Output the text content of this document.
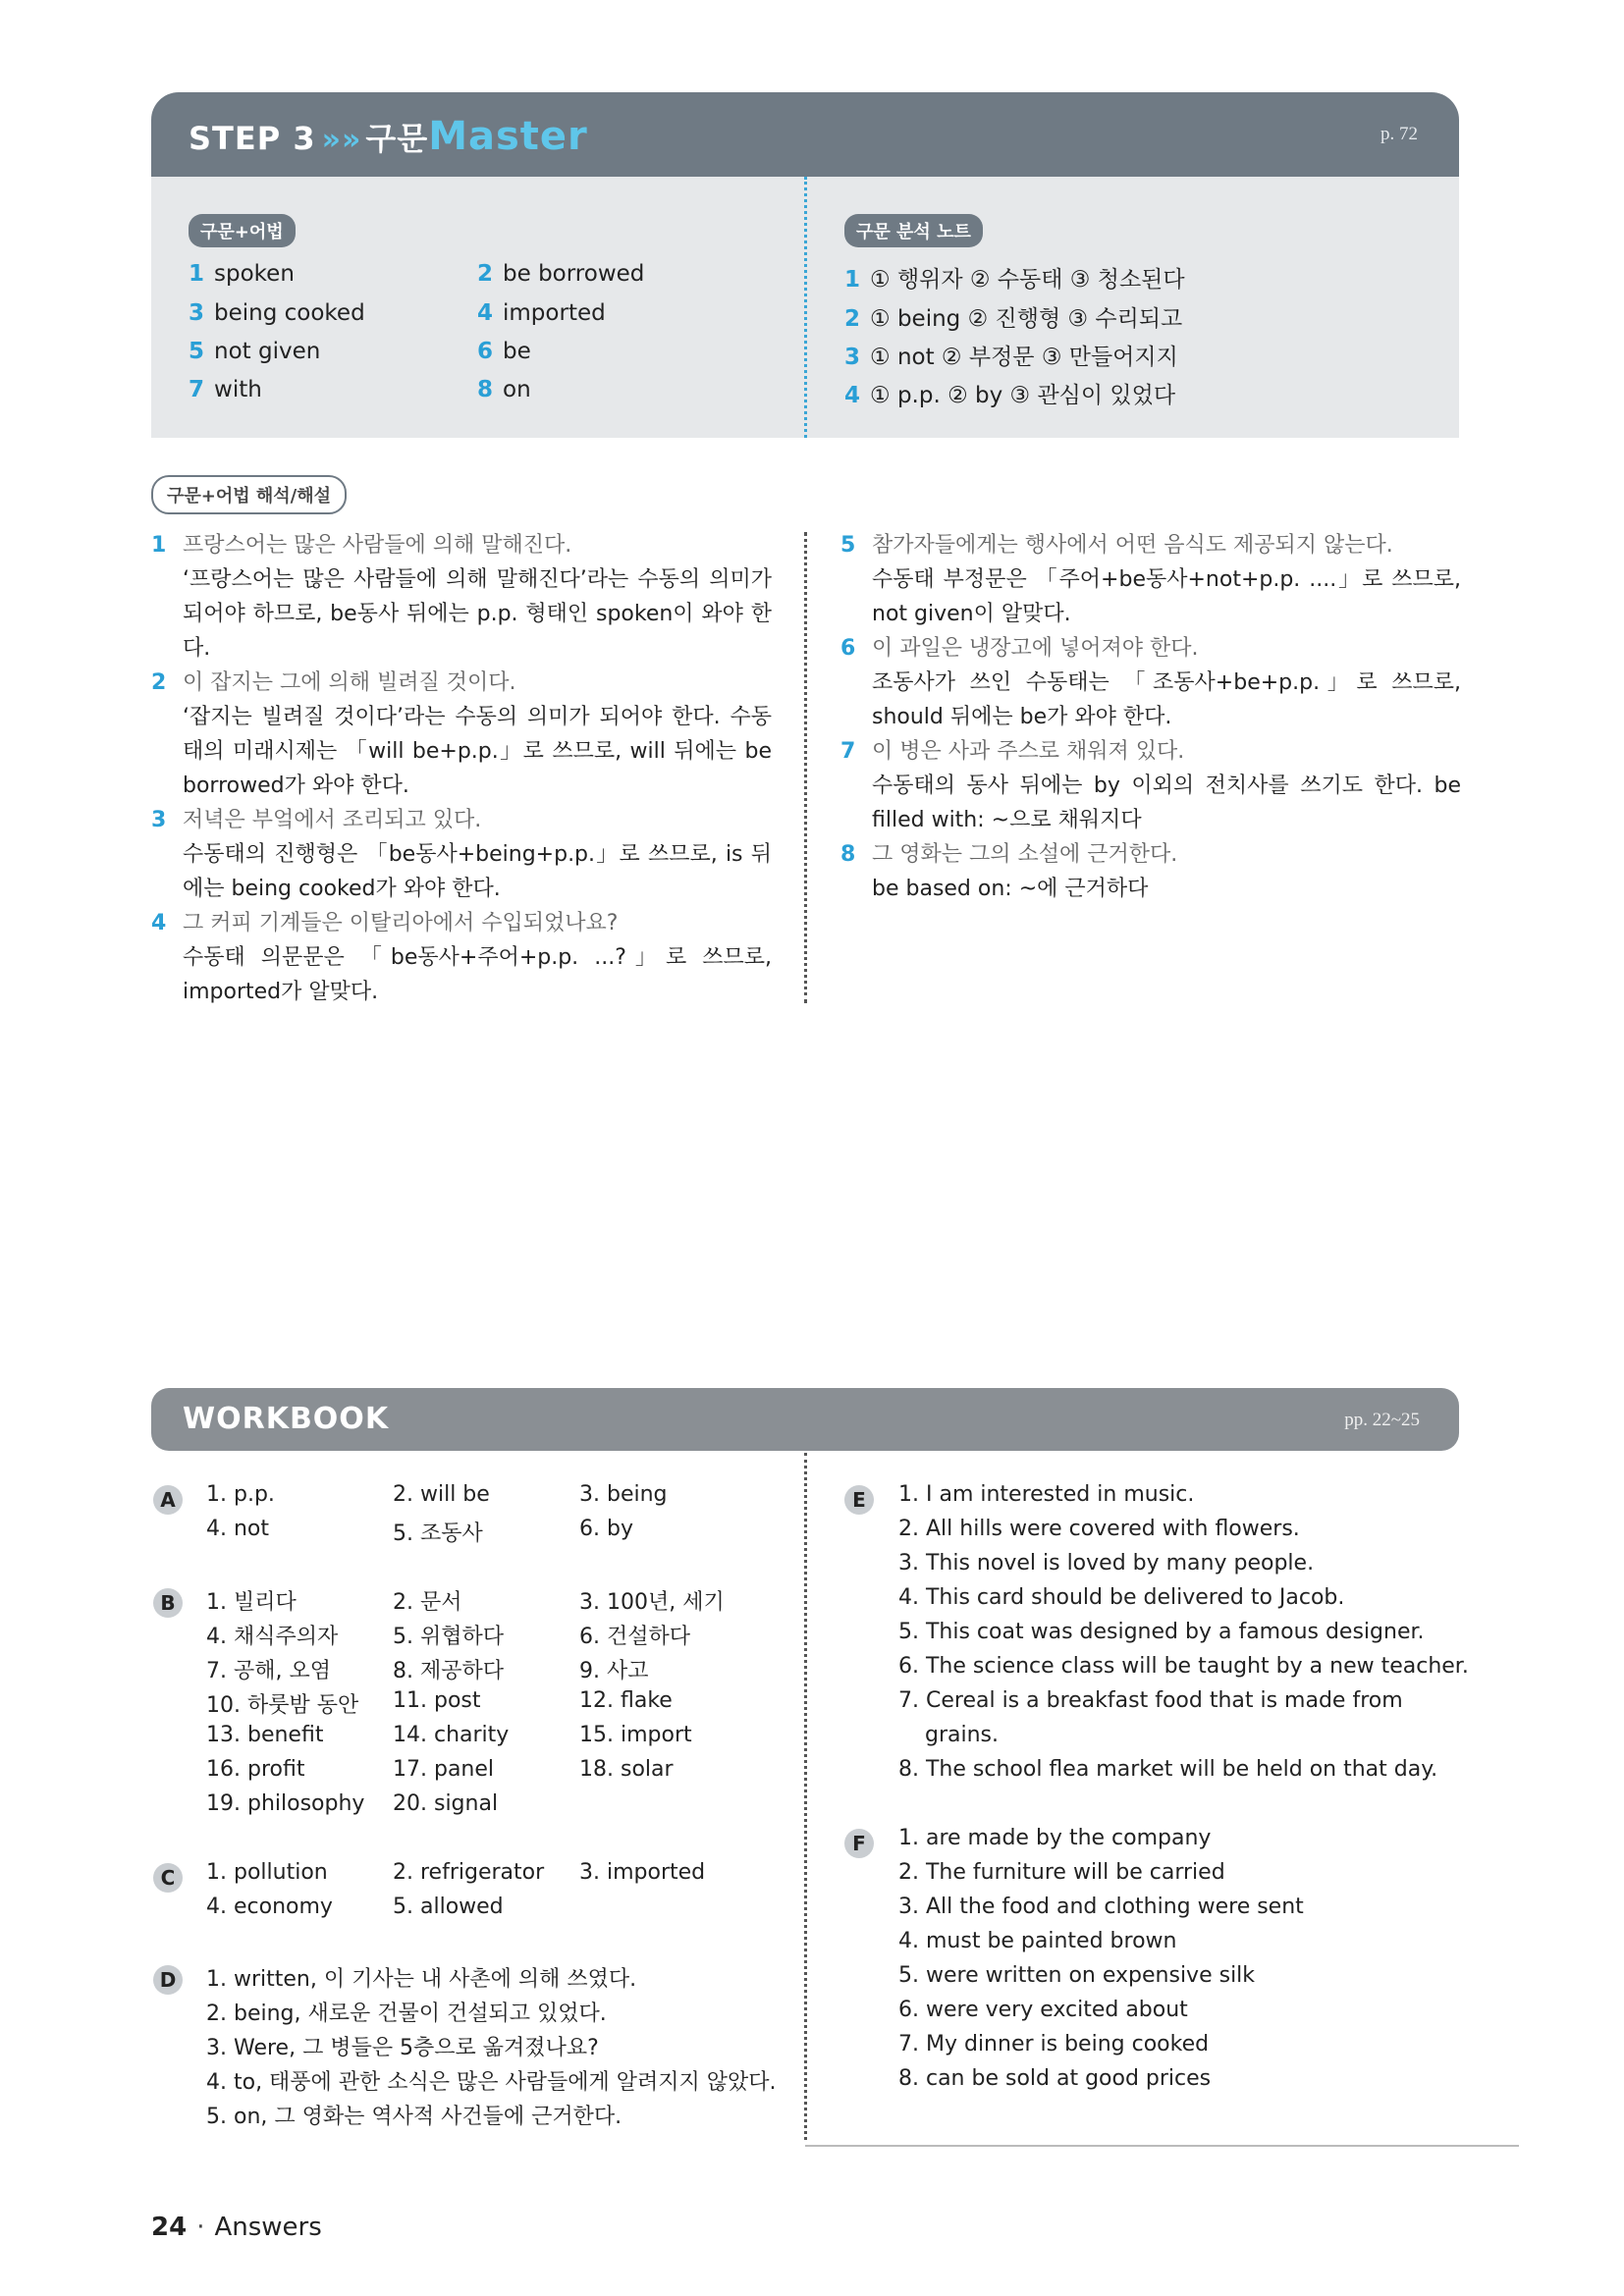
STEP 3 »» 구문Master	p. 72
구문+어법	구문 분석 노트
1 spoken	2 be borrowed
3 being cooked	4 imported
5 not given	6 be
7 with	8 on
1 ① 행위자 ② 수동태 ③ 청소된다
2 ① being ② 진행형 ③ 수리되고
3 ① not ② 부정문 ③ 만들어지지
4 ① p.p. ② by ③ 관심이 있었다
구문+어법 해석/해설
1 프랑스어는 많은 사람들에 의해 말해진다.
‘프랑스어는 많은 사람들에 의해 말해진다’라는 수동의 의미가 되어야 하므로, be동사 뒤에는 p.p. 형태인 spoken이 와야 한다.
2 이 잡지는 그에 의해 빌려질 것이다.
‘잡지는 빌려질 것이다’라는 수동의 의미가 되어야 한다. 수동태의 미래시제는 「will be+p.p.」로 쓰므로, will 뒤에는 be borrowed가 와야 한다.
3 저녁은 부엌에서 조리되고 있다.
수동태의 진행형은 「be동사+being+p.p.」로 쓰므로, is 뒤에는 being cooked가 와야 한다.
4 그 커피 기계들은 이탈리아에서 수입되었나요?
수동태 의문문은 「be동사+주어+p.p. ...?」로 쓰므로, imported가 알맞다.
5 참가자들에게는 행사에서 어떤 음식도 제공되지 않는다.
수동태 부정문은 「주어+be동사+not+p.p. ....」로 쓰므로, not given이 알맞다.
6 이 과일은 냉장고에 넣어져야 한다.
조동사가 쓰인 수동태는 「조동사+be+p.p.」로 쓰므로, should 뒤에는 be가 와야 한다.
7 이 병은 사과 주스로 채워져 있다.
수동태의 동사 뒤에는 by 이외의 전치사를 쓰기도 한다. be filled with: ~으로 채워지다
8 그 영화는 그의 소설에 근거한다.
be based on: ~에 근거하다
WORKBOOK	pp. 22~25
A	1. p.p.	2. will be	3. being
4. not	5. 조동사	6. by
B	1. 빌리다	2. 문서	3. 100년, 세기
4. 채식주의자	5. 위협하다	6. 건설하다
7. 공해, 오염	8. 제공하다	9. 사고
10. 하룻밤 동안 11. post	12. flake
13. benefit	14. charity	15. import
16. profit	17. panel	18. solar
19. philosophy 20. signal
C	1. pollution	2. refrigerator 3. imported
4. economy	5. allowed
D	1. written, 이 기사는 내 사촌에 의해 쓰였다.
2. being, 새로운 건물이 건설되고 있었다.
3. Were, 그 병들은 5층으로 옮겨졌나요?
4. to, 태풍에 관한 소식은 많은 사람들에게 알려지지 않았다.
5. on, 그 영화는 역사적 사건들에 근거한다.
E	1. I am interested in music.
2. All hills were covered with flowers.
3. This novel is loved by many people.
4. This card should be delivered to Jacob.
5. This coat was designed by a famous designer.
6. The science class will be taught by a new teacher.
7. Cereal is a breakfast food that is made from
grains.
8. The school flea market will be held on that day.
F	1. are made by the company
2. The furniture will be carried
3. All the food and clothing were sent
4. must be painted brown
5. were written on expensive silk
6. were very excited about
7. My dinner is being cooked
8. can be sold at good prices
24 · Answers
